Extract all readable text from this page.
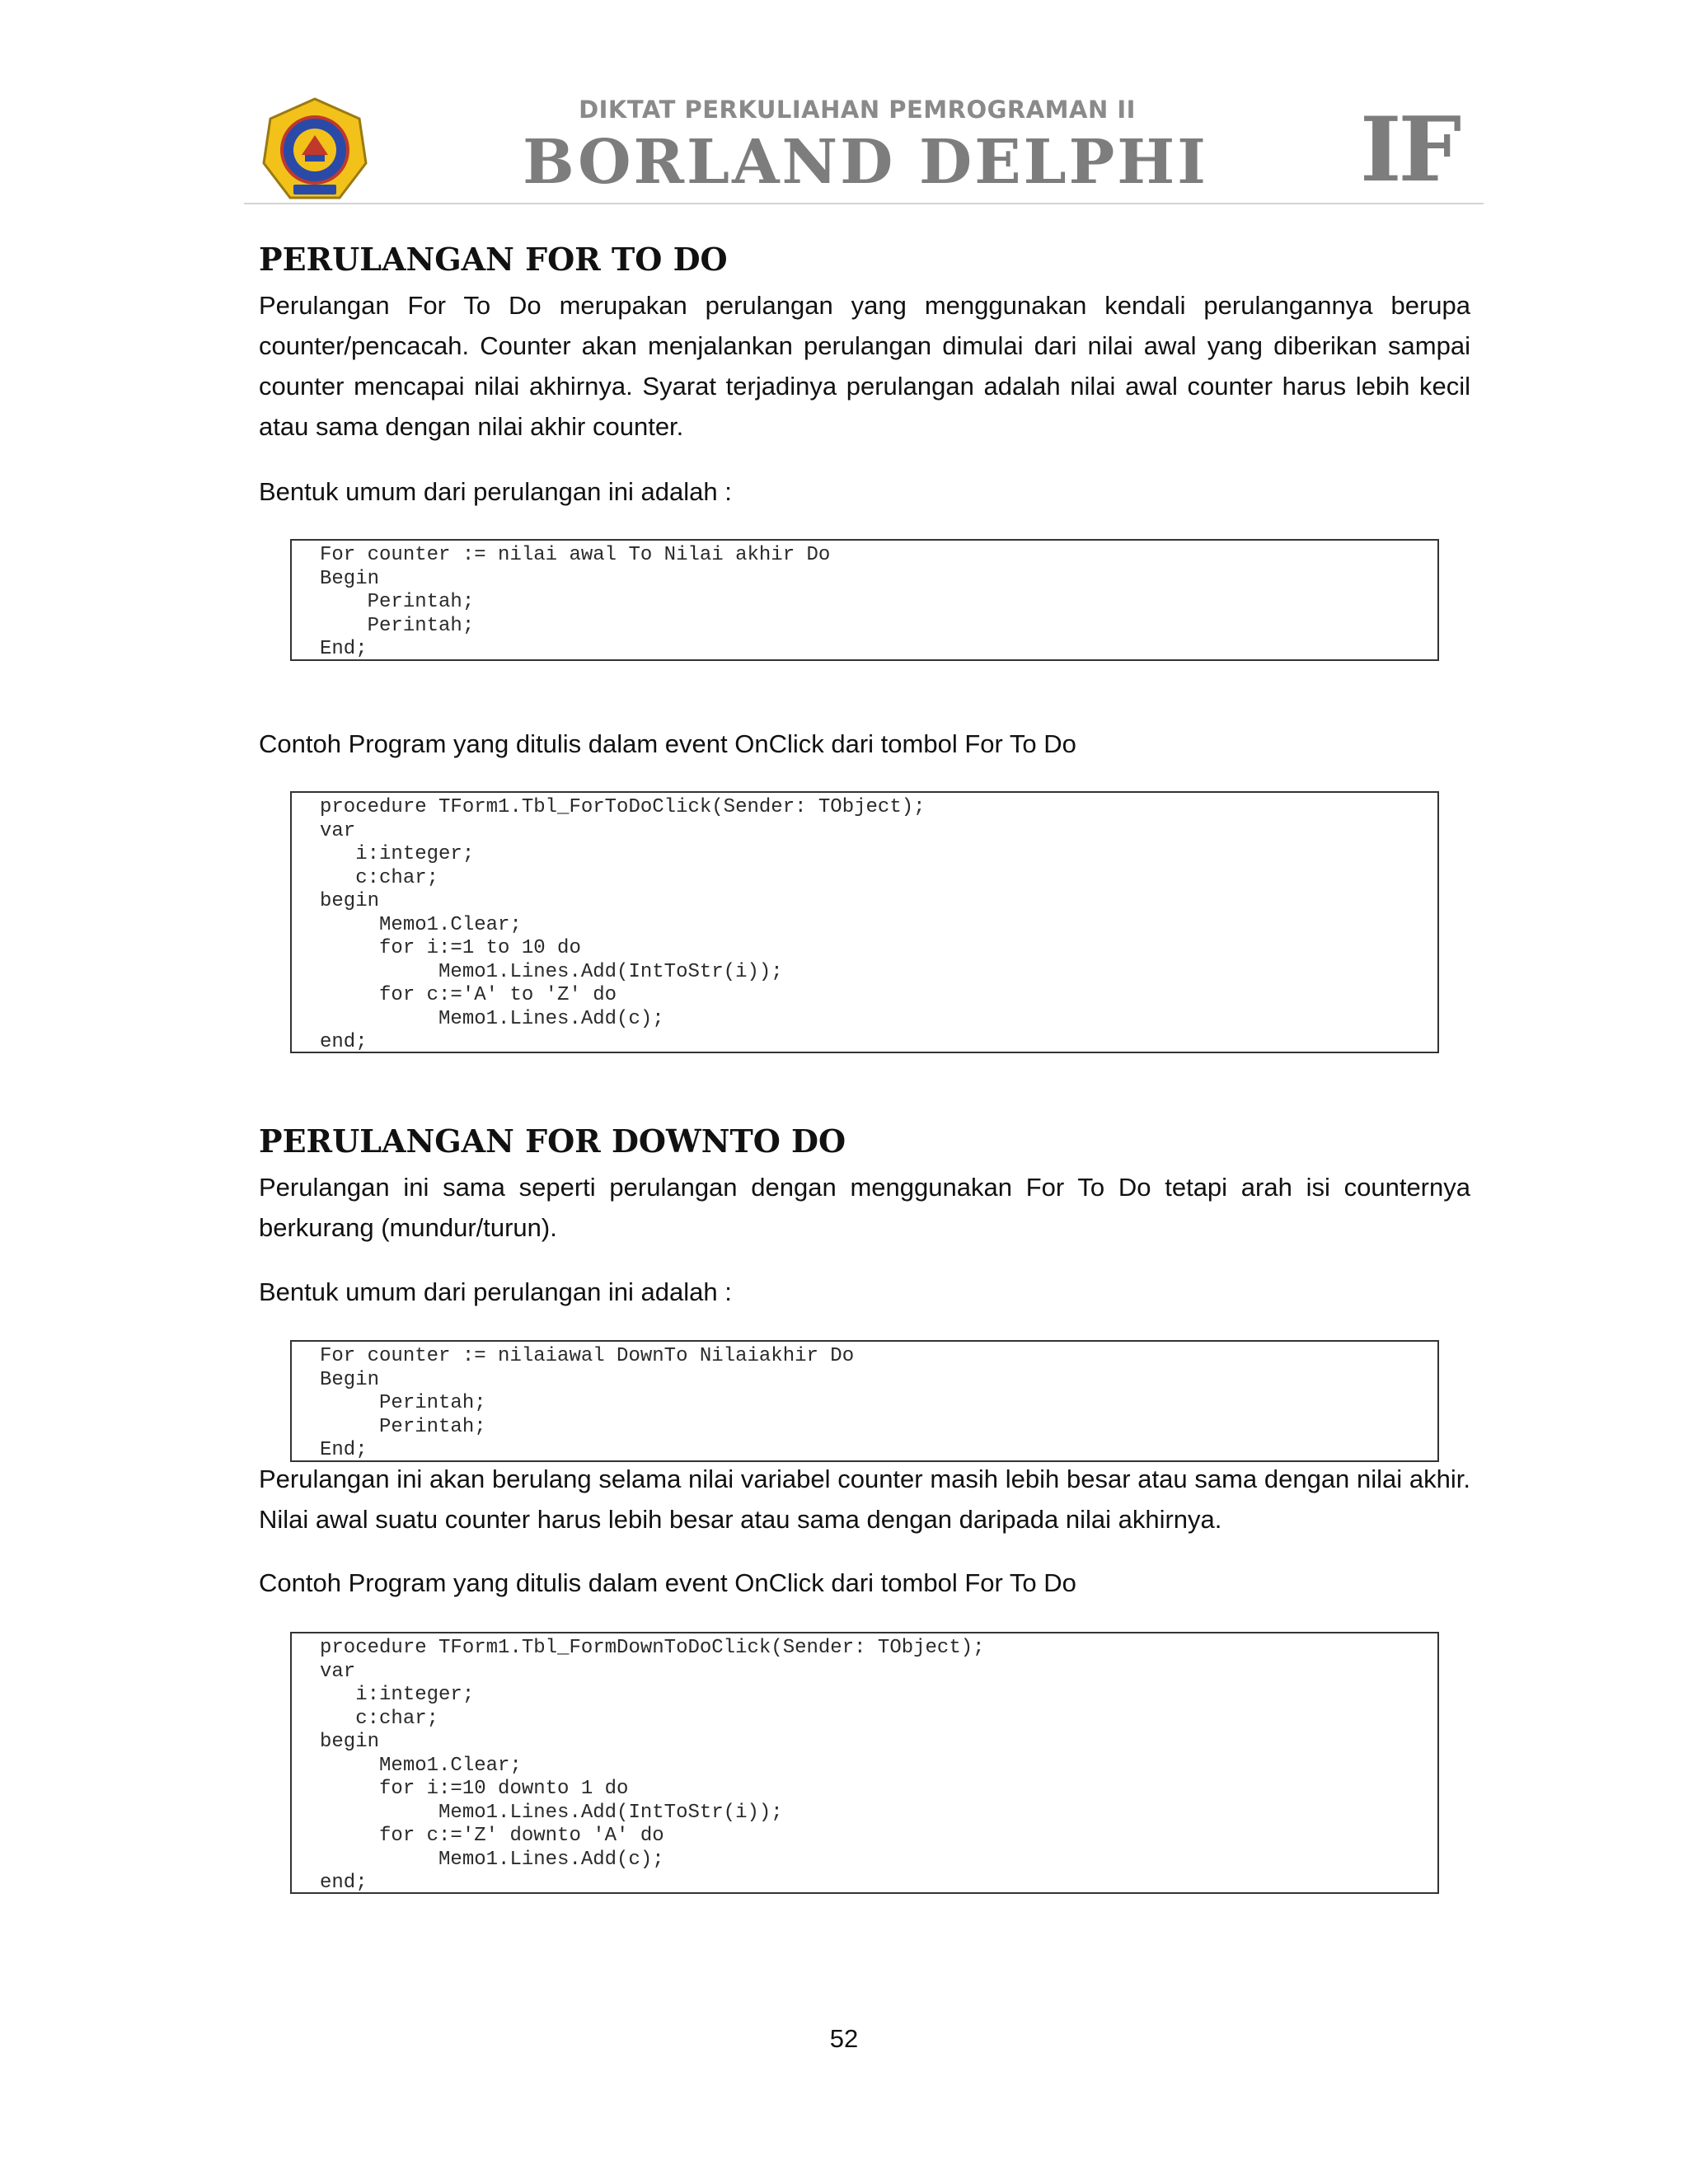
DIKTAT PERKULIAHAN PEMROGRAMAN II
BORLAND DELPHI	IF
PERULANGAN FOR TO DO
Perulangan For To Do merupakan perulangan yang menggunakan kendali perulangannya berupa counter/pencacah. Counter akan menjalankan perulangan dimulai dari nilai awal yang diberikan sampai counter mencapai nilai akhirnya. Syarat terjadinya perulangan adalah nilai awal counter harus lebih kecil atau sama dengan nilai akhir counter.
Bentuk umum dari perulangan ini adalah :
For counter := nilai awal To Nilai akhir Do
Begin
Perintah;
Perintah;
End;
Contoh Program yang ditulis dalam event OnClick dari tombol For To Do
procedure TForm1.Tbl_ForToDoClick(Sender: TObject);
var
i:integer;
c:char;
begin
Memo1.Clear;
for i:=1 to 10 do
Memo1.Lines.Add(IntToStr(i));
for c:='A' to 'Z' do
Memo1.Lines.Add(c);
end;
PERULANGAN FOR DOWNTO DO
Perulangan ini sama seperti perulangan dengan menggunakan For To Do tetapi arah isi counternya berkurang (mundur/turun).
Bentuk umum dari perulangan ini adalah :
For counter := nilaiawal DownTo Nilaiakhir Do
Begin
Perintah;
Perintah;
End;
Perulangan ini akan berulang selama nilai variabel counter masih lebih besar atau sama dengan nilai akhir. Nilai awal suatu counter harus lebih besar atau sama dengan daripada nilai akhirnya.
Contoh Program yang ditulis dalam event OnClick dari tombol For To Do
procedure TForm1.Tbl_FormDownToDoClick(Sender: TObject);
var
i:integer;
c:char;
begin
Memo1.Clear;
for i:=10 downto 1 do
Memo1.Lines.Add(IntToStr(i));
for c:='Z' downto 'A' do
Memo1.Lines.Add(c);
end;
52
